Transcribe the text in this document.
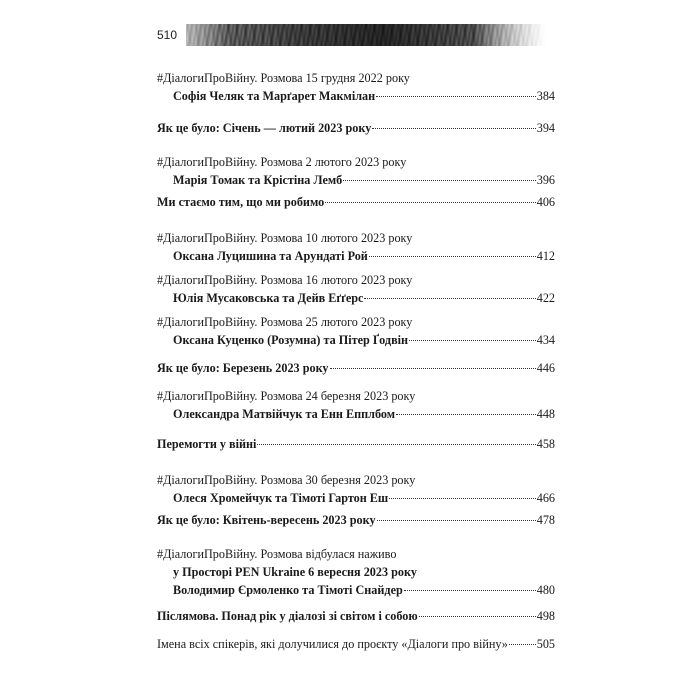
510
#ДіалогиПроВійну. Розмова 15 грудня 2022 року
Софія Челяк та Марґарет Макмілан	384
Як це було: Січень — лютий 2023 року	394
#ДіалогиПроВійну. Розмова 2 лютого 2023 року
Марія Томак та Крістіна Лемб	396
Ми стаємо тим, що ми робимо	406
#ДіалогиПроВійну. Розмова 10 лютого 2023 року
Оксана Луцишина та Арундаті Рой	412
#ДіалогиПроВійну. Розмова 16 лютого 2023 року
Юлія Мусаковська та Дейв Еґґерс	422
#ДіалогиПроВійну. Розмова 25 лютого 2023 року
Оксана Куценко (Розумна) та Пітер Ґодвін	434
Як це було: Березень 2023 року	446
#ДіалогиПроВійну. Розмова 24 березня 2023 року
Олександра Матвійчук та Енн Епплбом	448
Перемогти у війні	458
#ДіалогиПроВійну. Розмова 30 березня 2023 року
Олеся Хромейчук та Тімоті Гартон Еш	466
Як це було: Квітень-вересень 2023 року	478
#ДіалогиПроВійну. Розмова відбулася наживо
у Просторі PEN Ukraine 6 вересня 2023 року
Володимир Єрмоленко та Тімоті Снайдер	480
Післямова. Понад рік у діалозі зі світом і собою	498
Імена всіх спікерів, які долучилися до проєкту «Діалоги про війну» 505
